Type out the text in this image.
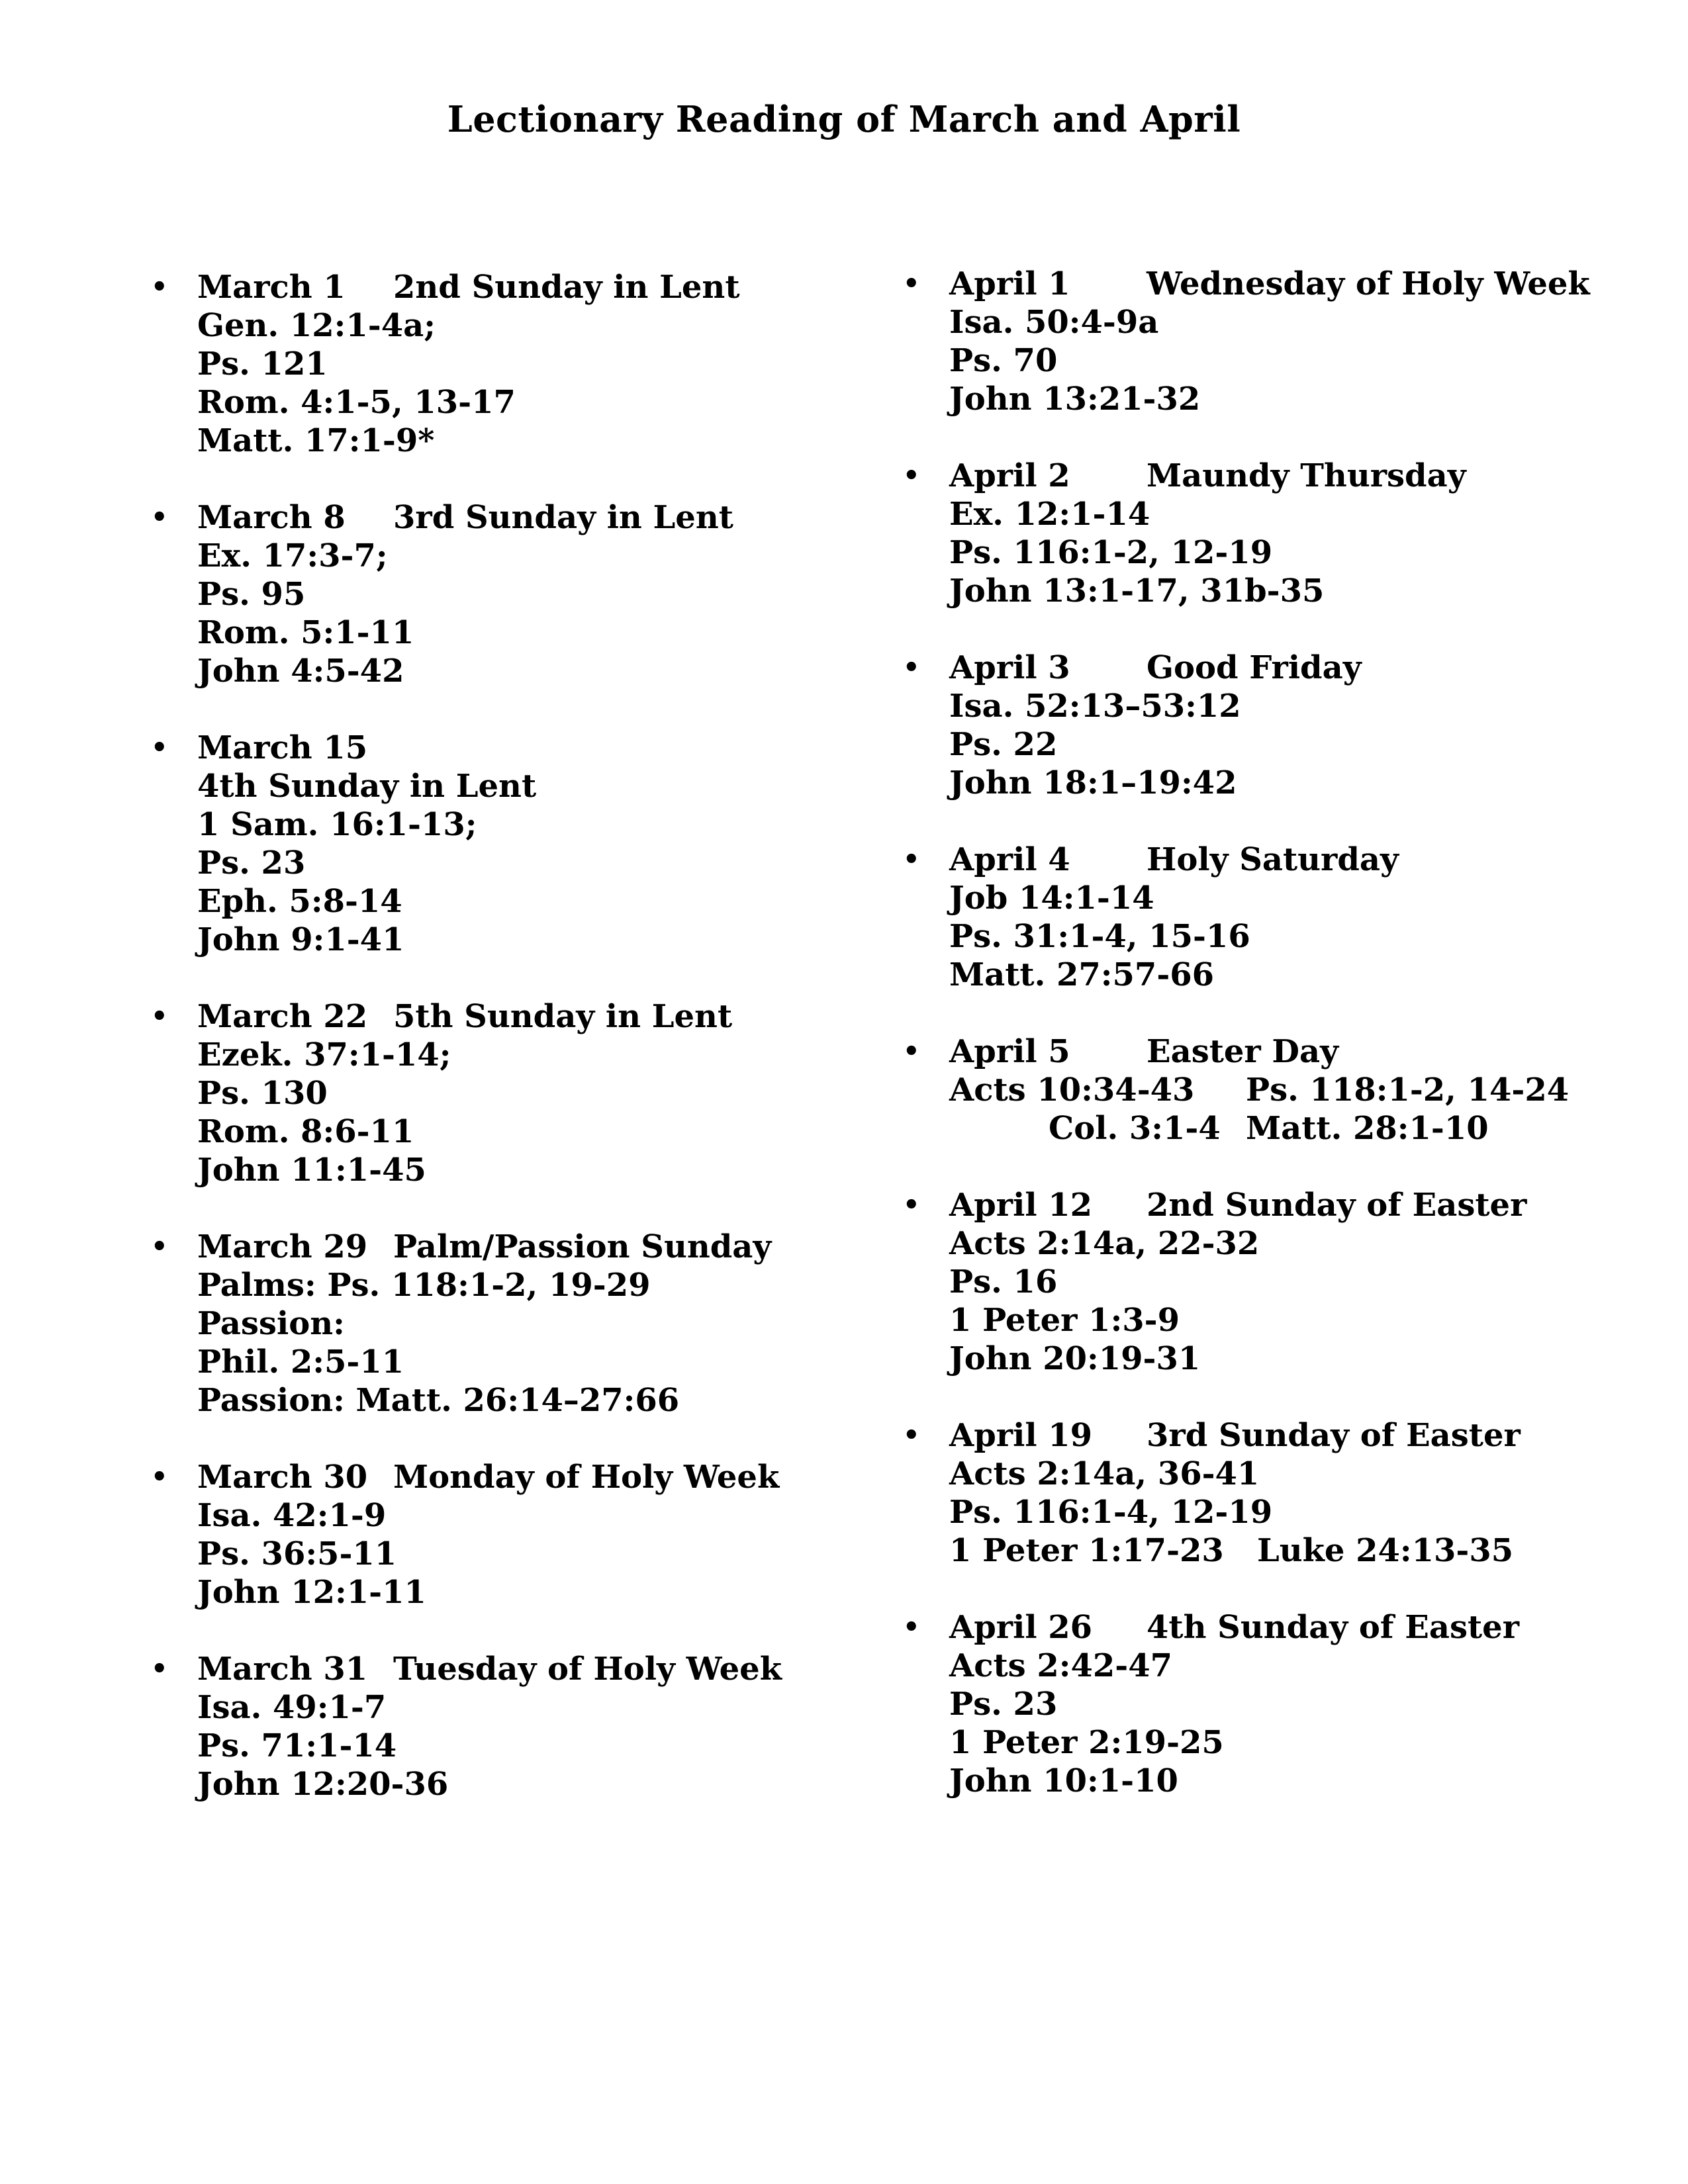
Lectionary Reading of March and April
• March 1 2nd Sunday in Lent
Gen. 12:1-4a;
Ps. 121
Rom. 4:1-5, 13-17
Matt. 17:1-9*
• March 8 3rd Sunday in Lent
Ex. 17:3-7;
Ps. 95
Rom. 5:1-11
John 4:5-42
• March 15
4th Sunday in Lent
1 Sam. 16:1-13;
Ps. 23
Eph. 5:8-14
John 9:1-41
• March 22 5th Sunday in Lent
Ezek. 37:1-14;
Ps. 130
Rom. 8:6-11
John 11:1-45
• March 29 Palm/Passion Sunday
Palms: Ps. 118:1-2, 19-29
Passion:
Phil. 2:5-11
Passion: Matt. 26:14–27:66
• March 30 Monday of Holy Week
Isa. 42:1-9
Ps. 36:5-11
John 12:1-11
• March 31 Tuesday of Holy Week
Isa. 49:1-7
Ps. 71:1-14
John 12:20-36
• April 1 Wednesday of Holy Week
Isa. 50:4-9a
Ps. 70
John 13:21-32
• April 2 Maundy Thursday
Ex. 12:1-14
Ps. 116:1-2, 12-19
John 13:1-17, 31b-35
• April 3 Good Friday
Isa. 52:13–53:12
Ps. 22
John 18:1–19:42
• April 4 Holy Saturday
Job 14:1-14
Ps. 31:1-4, 15-16
Matt. 27:57-66
• April 5 Easter Day
Acts 10:34-43 Ps. 118:1-2, 14-24
Col. 3:1-4 Matt. 28:1-10
• April 12 2nd Sunday of Easter
Acts 2:14a, 22-32
Ps. 16
1 Peter 1:3-9
John 20:19-31
• April 19 3rd Sunday of Easter
Acts 2:14a, 36-41
Ps. 116:1-4, 12-19
1 Peter 1:17-23 Luke 24:13-35
• April 26 4th Sunday of Easter
Acts 2:42-47
Ps. 23
1 Peter 2:19-25
John 10:1-10
